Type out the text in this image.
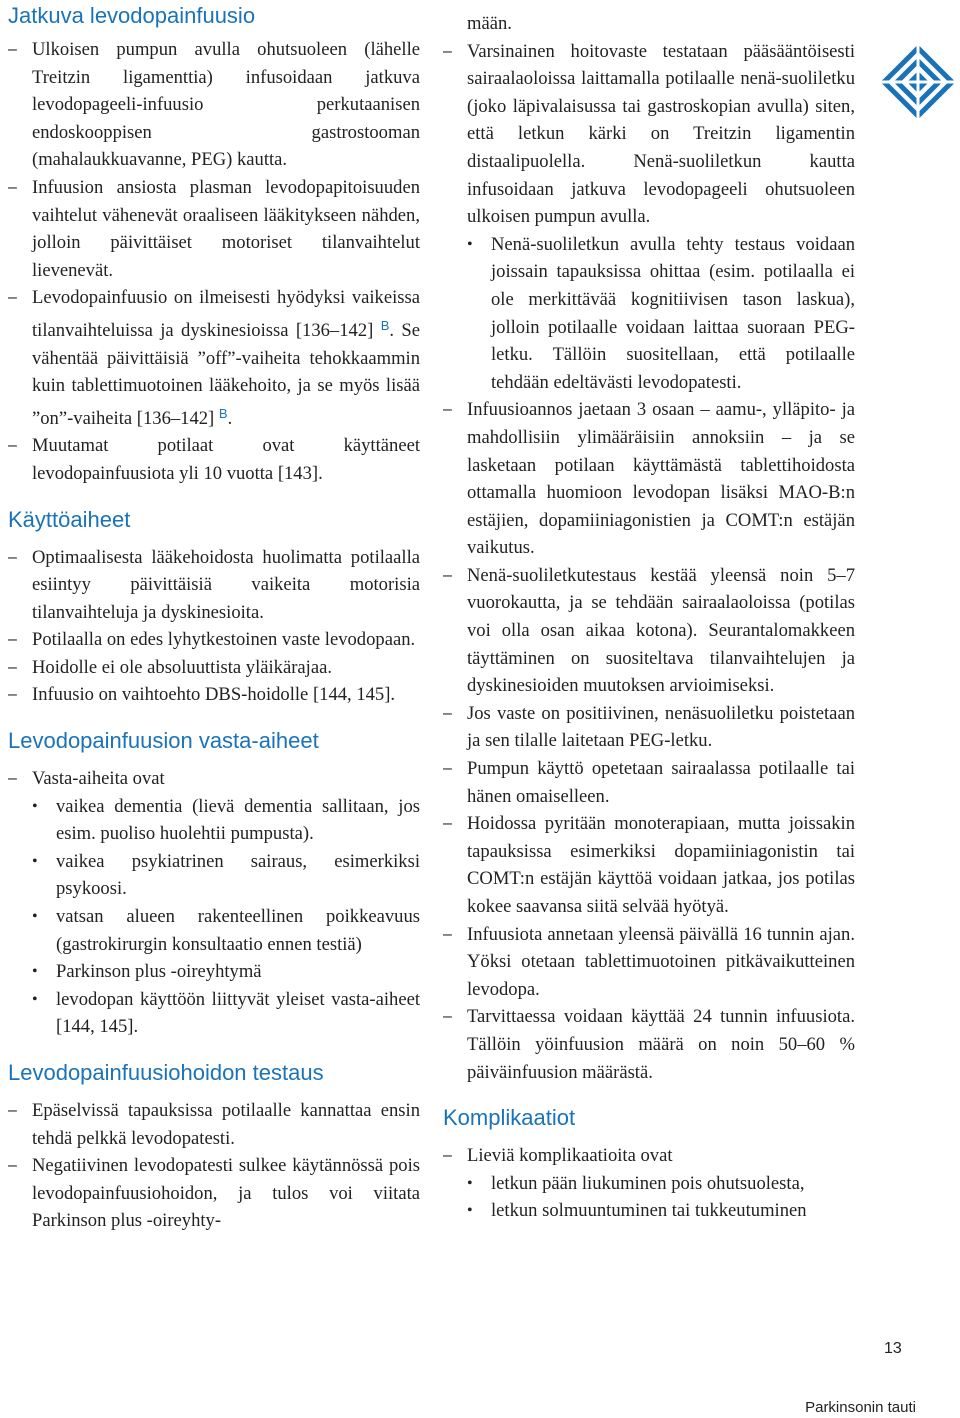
Jatkuva levodopainfuusio

– Ulkoisen pumpun avulla ohutsuoleen (lähelle Treitzin ligamenttia) infusoidaan jatkuva levodopageeli-infuusio perkutaanisen endoskooppisen gastrostooman (mahalaukkuavanne, PEG) kautta.

– Infuusion ansiosta plasman levodopapitoisuuden vaihtelut vähenevät oraaliseen lääkitykseen nähden, jolloin päivittäiset motoriset tilanvaihtelut lievenevät.

– Levodopainfuusio on ilmeisesti hyödyksi vaikeissa tilanvaihteluissa ja dyskinesioissa [136–142] $^B$. Se vähentää päivittäisiä ”off”-vaiheita tehokkaammin kuin tablettimuotoinen lääkehoito, ja se myös lisää ”on”-vaiheita [136–142] $^B$.

– Muutamat potilaat ovat käyttäneet levodopainfuusiota yli 10 vuotta [143].

Käyttöaiheet

– Optimaalisesta lääkehoidosta huolimatta potilaalla esiintyy päivittäisiä vaikeita motorisia tilanvaihteluja ja dyskinesioita.

– Potilaalla on edes lyhytkestoinen vaste levodopaan.

– Hoidolle ei ole absoluuttista yläikärajaa.

– Infuusio on vaihtoehto DBS-hoidolle [144, 145].

Levodopainfuusion vasta-aiheet

– Vasta-aiheita ovat

• vaikea dementia (lievä dementia sallitaan, jos esim. puoliso huolehtii pumpusta).

• vaikea psykiatrinen sairaus, esimerkiksi psykoosi.

• vatsan alueen rakenteellinen poikkeavuus (gastrokirurgin konsultaatio ennen testiä)

• Parkinson plus -oireyhtymä

• levodopan käyttöön liittyvät yleiset vasta-aiheet [144, 145].

Levodopainfuusiohoidon testaus

– Epäselvissä tapauksissa potilaalle kannattaa ensin tehdä pelkkä levodopatesti.

– Negatiivinen levodopatesti sulkee käytännössä pois levodopainfuusiohoidon, ja tulos voi viitata Parkinson plus -oireyhty-

mään.

– Varsinainen hoitovaste testataan pääsääntöisesti sairaalaoloissa laittamalla potilaalle nenä-suoliletku (joko läpivalaisussa tai gastroskopian avulla) siten, että letkun kärki on Treitzin ligamentin distaalipuolella. Nenä-suoliletkun kautta infusoidaan jatkuva levodopageeli ohutsuoleen ulkoisen pumpun avulla.

• Nenä-suoliletkun avulla tehty testaus voidaan joissain tapauksissa ohittaa (esim. potilaalla ei ole merkittävää kognitiivisen tason laskua), jolloin potilaalle voidaan laittaa suoraan PEG-letku. Tällöin suositellaan, että potilaalle tehdään edeltävästi levodopatesti.

– Infuusioannos jaetaan 3 osaan – aamu-, ylläpito- ja mahdollisiin ylimääräisiin annoksiin – ja se lasketaan potilaan käyttämästä tablettihoidosta ottamalla huomioon levodopan lisäksi MAO-B:n estäjien, dopamiiniagonistien ja COMT:n estäjän vaikutus.

– Nenä-suoliletkutestaus kestää yleensä noin 5–7 vuorokautta, ja se tehdään sairaalaoloissa (potilas voi olla osan aikaa kotona). Seurantalomakkeen täyttäminen on suositeltava tilanvaihtelujen ja dyskinesioiden muutoksen arvioimiseksi.

– Jos vaste on positiivinen, nenäsuoliletku poistetaan ja sen tilalle laitetaan PEG-letku.

– Pumpun käyttö opetetaan sairaalassa potilaalle tai hänen omaiselleen.

– Hoidossa pyritään monoterapiaan, mutta joissakin tapauksissa esimerkiksi dopamiiniagonistin tai COMT:n estäjän käyttöä voidaan jatkaa, jos potilas kokee saavansa siitä selvää hyötyä.

– Infuusiota annetaan yleensä päivällä 16 tunnin ajan. Yöksi otetaan tablettimuotoinen pitkävaikutteinen levodopa.

– Tarvittaessa voidaan käyttää 24 tunnin infuusiota. Tällöin yöinfuusion määrä on noin 50–60 % päiväinfuusion määrästä.

Komplikaatiot

– Lieviä komplikaatioita ovat

• letkun pään liukuminen pois ohutsuolesta,

• letkun solmuuntuminen tai tukkeutuminen

13
Parkinsonin tauti
